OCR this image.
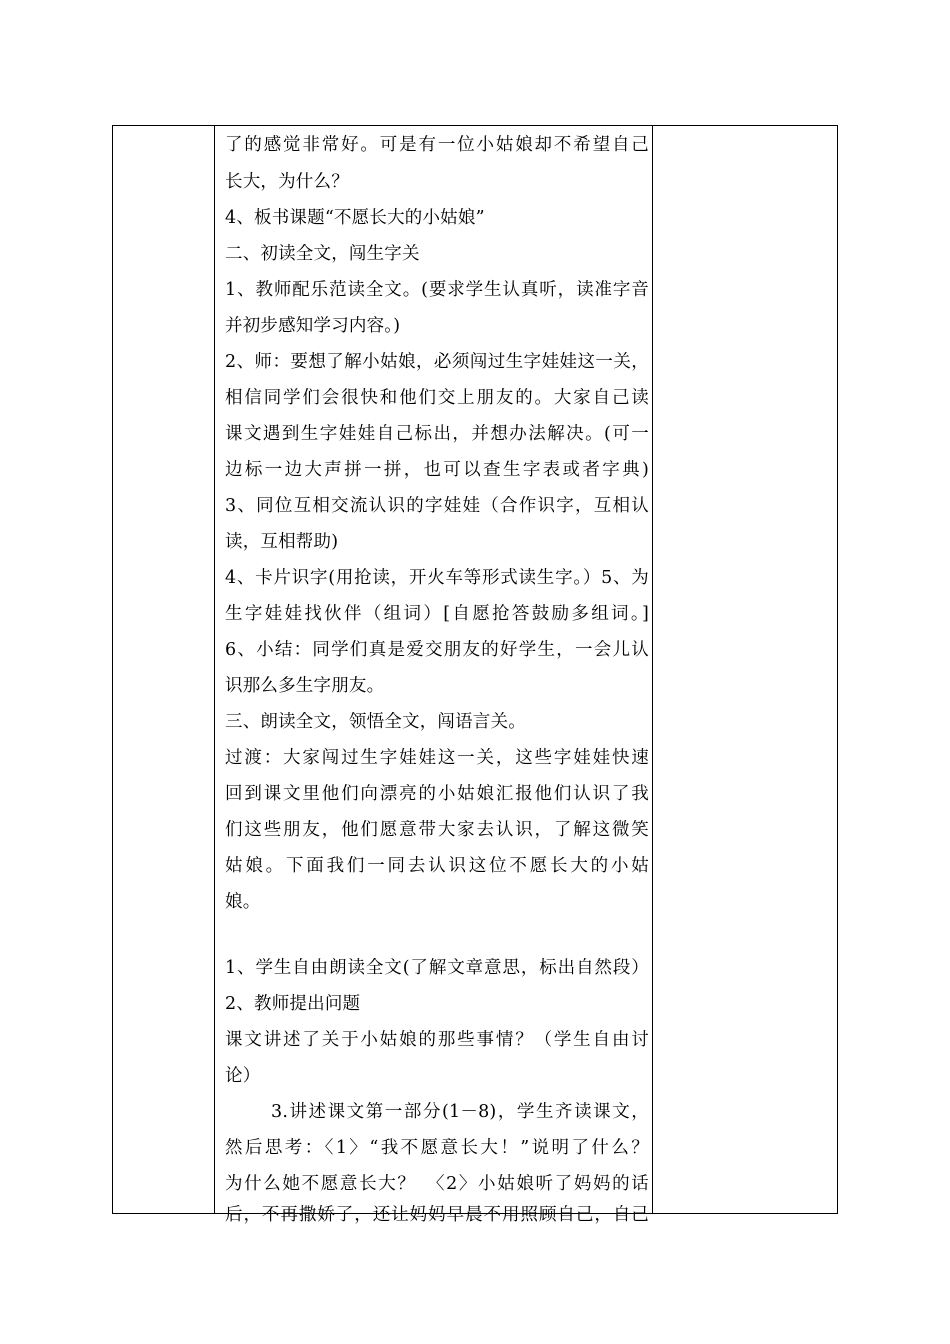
了的感觉非常好。可是有一位小姑娘却不希望自己
长大，为什么？
4、板书课题“不愿长大的小姑娘”
二、初读全文，闯生字关
1、教师配乐范读全文。(要求学生认真听，读准字音
并初步感知学习内容。)
2、师：要想了解小姑娘，必须闯过生字娃娃这一关，
相信同学们会很快和他们交上朋友的。大家自己读
课文遇到生字娃娃自己标出，并想办法解决。(可一
边标一边大声拼一拼，也可以查生字表或者字典)
3、同位互相交流认识的字娃娃（合作识字，互相认
读，互相帮助)
4、卡片识字(用抢读，开火车等形式读生字。）5、为
生字娃娃找伙伴（组词）[自愿抢答鼓励多组词。]
6、小结：同学们真是爱交朋友的好学生，一会儿认
识那么多生字朋友。
三、朗读全文，领悟全文，闯语言关。
过渡：大家闯过生字娃娃这一关，这些字娃娃快速
回到课文里他们向漂亮的小姑娘汇报他们认识了我
们这些朋友，他们愿意带大家去认识，了解这微笑
姑娘。下面我们一同去认识这位不愿长大的小姑
娘。
1、学生自由朗读全文(了解文章意思，标出自然段）
2、教师提出问题
课文讲述了关于小姑娘的那些事情？（学生自由讨
论）
3.讲述课文第一部分(1－8)，学生齐读课文，
然后思考：〈1〉“我不愿意长大！”说明了什么？
为什么她不愿意长大？　〈2〉小姑娘听了妈妈的话
后，不再撒娇了，还让妈妈早晨不用照顾自己，自己
